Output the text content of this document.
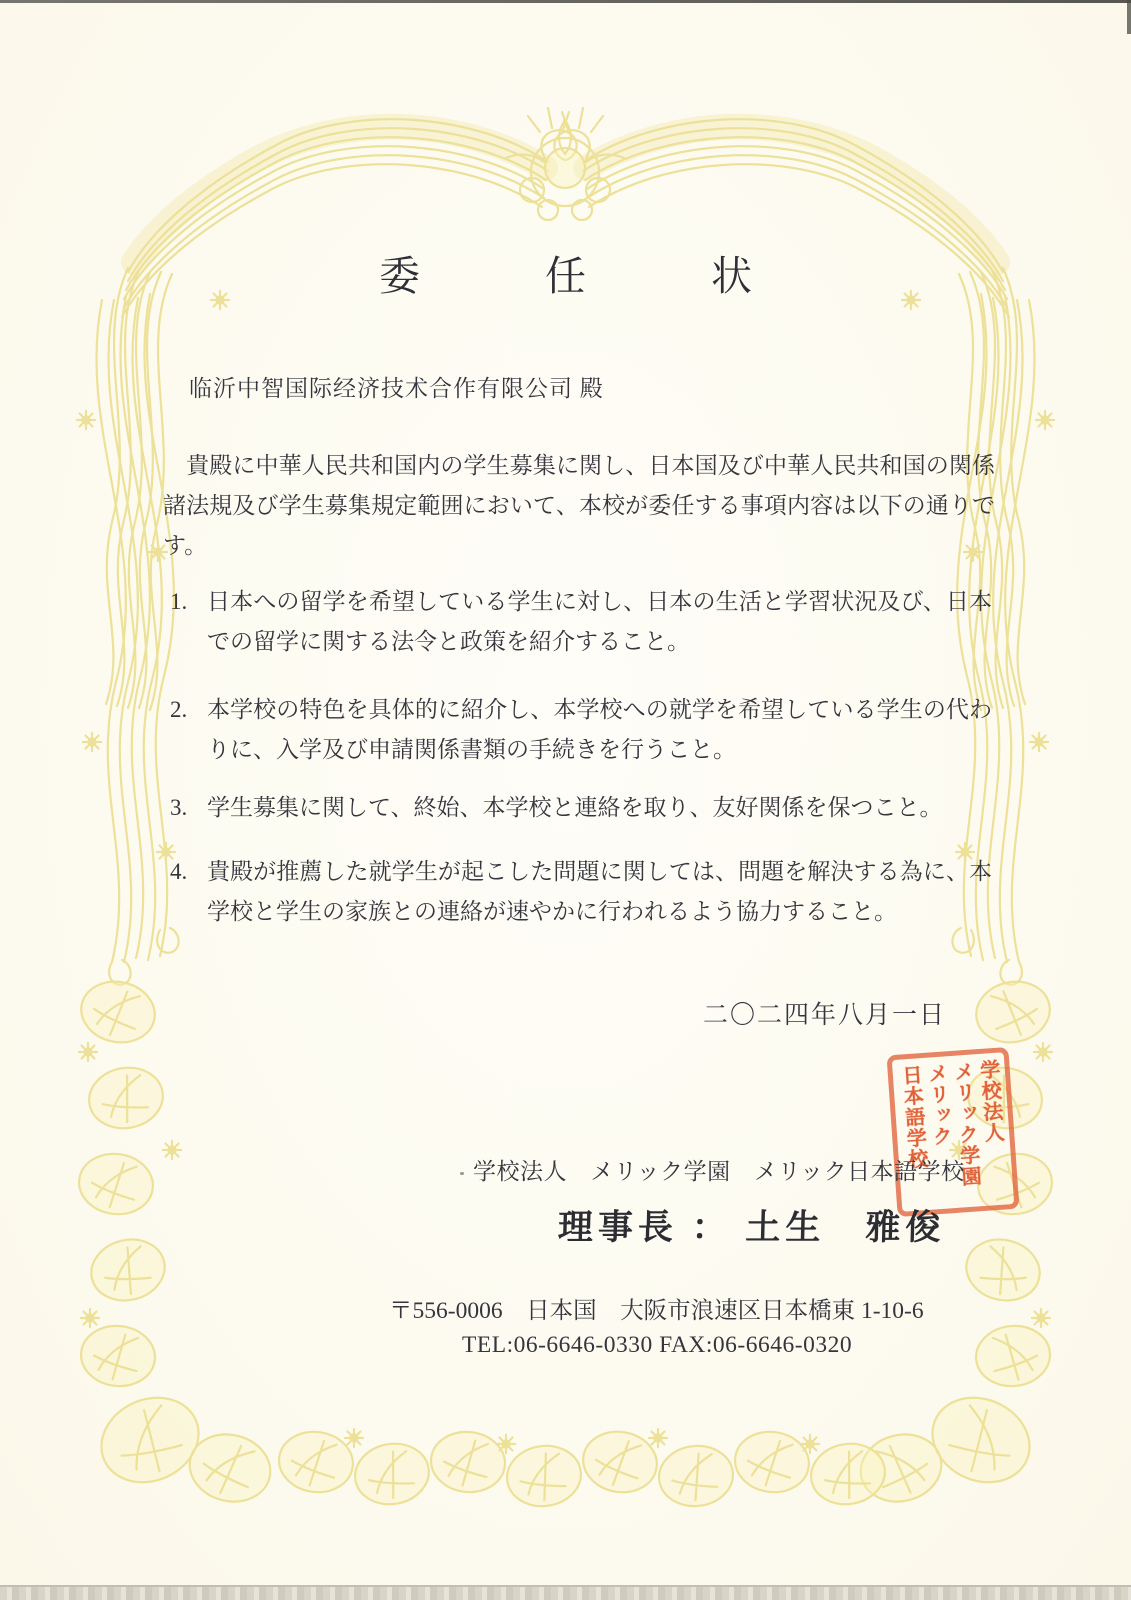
委　任　状
临沂中智国际经济技术合作有限公司 殿
　貴殿に中華人民共和国内の学生募集に関し、日本国及び中華人民共和国の関係諸法規及び学生募集規定範囲において、本校が委任する事項内容は以下の通りです。
1. 日本への留学を希望している学生に対し、日本の生活と学習状況及び、日本での留学に関する法令と政策を紹介すること。
2. 本学校の特色を具体的に紹介し、本学校への就学を希望している学生の代わりに、入学及び申請関係書類の手続きを行うこと。
3. 学生募集に関して、終始、本学校と連絡を取り、友好関係を保つこと。
4. 貴殿が推薦した就学生が起こした問題に関しては、問題を解決する為に、本学校と学生の家族との連絡が速やかに行われるよう協力すること。
二〇二四年八月一日
学校法人
メリック学園
メリック
日本語学校
学校法人　メリック学園　メリック日本語学校
理事長 ： 土生　雅俊
〒556-0006　日本国　大阪市浪速区日本橋東 1-10-6
TEL:06-6646-0330 FAX:06-6646-0320
